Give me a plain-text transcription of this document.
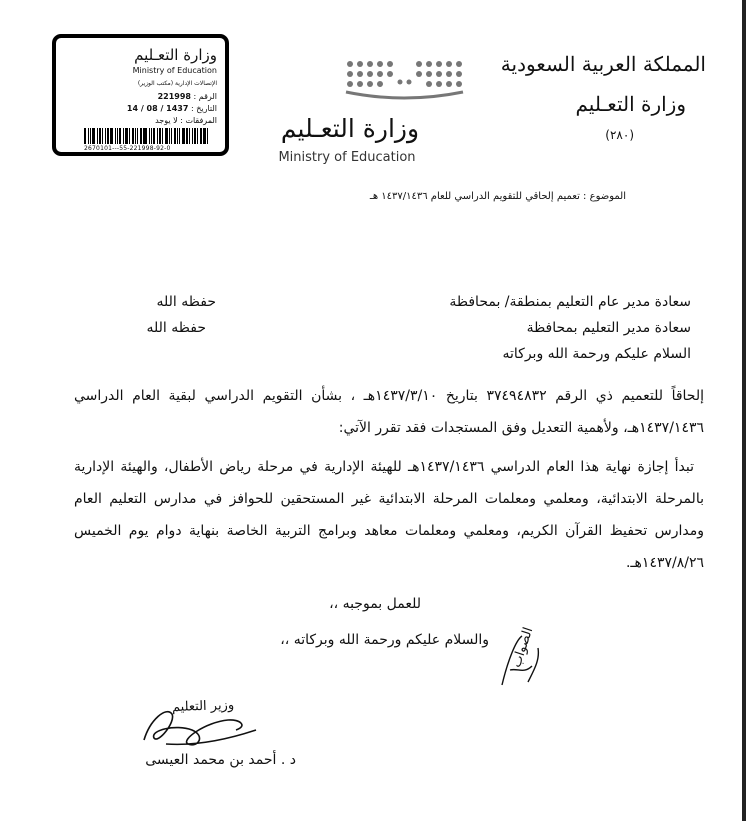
المملكة العربية السعودية
وزارة التعـليم
(٢٨٠)
وزارة التعـليم
Ministry of Education
وزارة التعـليم
Ministry of Education
الإتصالات الإدارية (مكتب الوزير)
الرقم : 221998
التاريخ : 1437 / 08 / 14
المرفقات : لا يوجد
2670101---55-221998-92-0
الموضوع : تعميم إلحاقي للتقويم الدراسي للعام ١٤٣٧/١٤٣٦ هـ
سعادة مدير عام التعليم بمنطقة/ بمحافظة
حفظه الله
سعادة مدير التعليم بمحافظة
حفظه الله
السلام عليكم ورحمة الله وبركاته

إلحاقاً للتعميم ذي الرقم ٣٧٤٩٤٨٣٢ بتاريخ ١٤٣٧/٣/١٠هـ ، بشأن التقويم الدراسي لبقية العام الدراسي ١٤٣٧/١٤٣٦هـ، ولأهمية التعديل وفق المستجدات فقد تقرر الآتي:

تبدأ إجازة نهاية هذا العام الدراسي ١٤٣٧/١٤٣٦هـ للهيئة الإدارية في مرحلة رياض الأطفال، والهيئة الإدارية بالمرحلة الابتدائية، ومعلمي ومعلمات المرحلة الابتدائية غير المستحقين للحوافز في مدارس التعليم العام ومدارس تحفيظ القرآن الكريم، ومعلمي ومعلمات معاهد وبرامج التربية الخاصة بنهاية دوام يوم الخميس ١٤٣٧/٨/٢٦هـ.

للعمل بموجبه ،،
والسلام عليكم ورحمة الله وبركاته ،، الصواب
وزير التعليم
د . أحمد بن محمد العيسى
